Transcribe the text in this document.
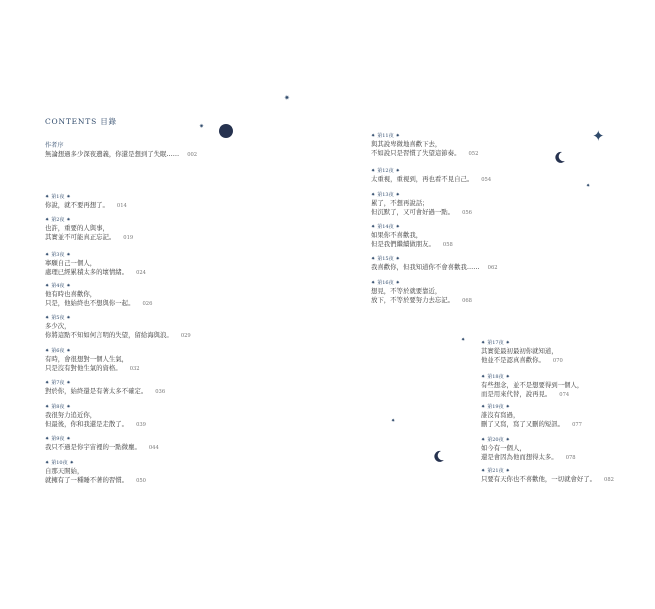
CONTENTS 目錄
作者序
無論想過多少深夜遺義，你還是想到了失眠…… 002
✷ 第1夜 ✷
你說，就不要再想了。 014
✷ 第2夜 ✷
也許，重要的人與事，
其實並不可能真正忘記。 019
✷ 第3夜 ✷
寧願自己一個人，
處理已經累積太多的壞情緒。 024
✷ 第4夜 ✷
他有時也喜歡你，
只是，他始終也不想與你一起。 026
✷ 第5夜 ✷
多少次，
你將這點不知如何言明的失望，留給海與浪。 029
✷ 第6夜 ✷
有時，會很想對一個人生氣，
只是沒有對他生氣的資格。 032
✷ 第7夜 ✷
對於你，始終還是有著太多不確定。 036
✷ 第8夜 ✷
我很努力追近你，
但最後，你和我還是走散了。 039
✷ 第9夜 ✷
我只不過是你宇宙裡的一點微塵。 044
✷ 第10夜 ✷
自那天開始，
就擁有了一種睡不著的習慣。 050
✷ 第11夜 ✷
與其說卑微地喜歡下去，
不如說只是習慣了失望這節奏。 052
✷ 第12夜 ✷
太重視，重視到，再也看不見自己。 054
✷ 第13夜 ✷
累了，不想再說話；
但沉默了，又可會好過一點。 056
✷ 第14夜 ✷
如果你不喜歡我，
但是我們繼續做朋友。 058
✷ 第15夜 ✷
我喜歡你，但我知道你不會喜歡我…… 062
✷ 第16夜 ✷
想見，不等於就要靠近，
放下，不等於要努力去忘記。 068
✷ 第17夜 ✷
其實從最初最初你就知道，
他並不是認真喜歡你。 070
✷ 第18夜 ✷
有些想念，並不是想要得到一個人，
而是用來代替，說再見。 074
✷ 第19夜 ✷
誰沒有寫過，
刪了又寫，寫了又刪的短訊。 077
✷ 第20夜 ✷
如今有一個人，
還是會因為他而想得太多。 078
✷ 第21夜 ✷
只要有天你也不喜歡他，一切就會好了。 082
✷
✷
✦
✷
✷
✷
